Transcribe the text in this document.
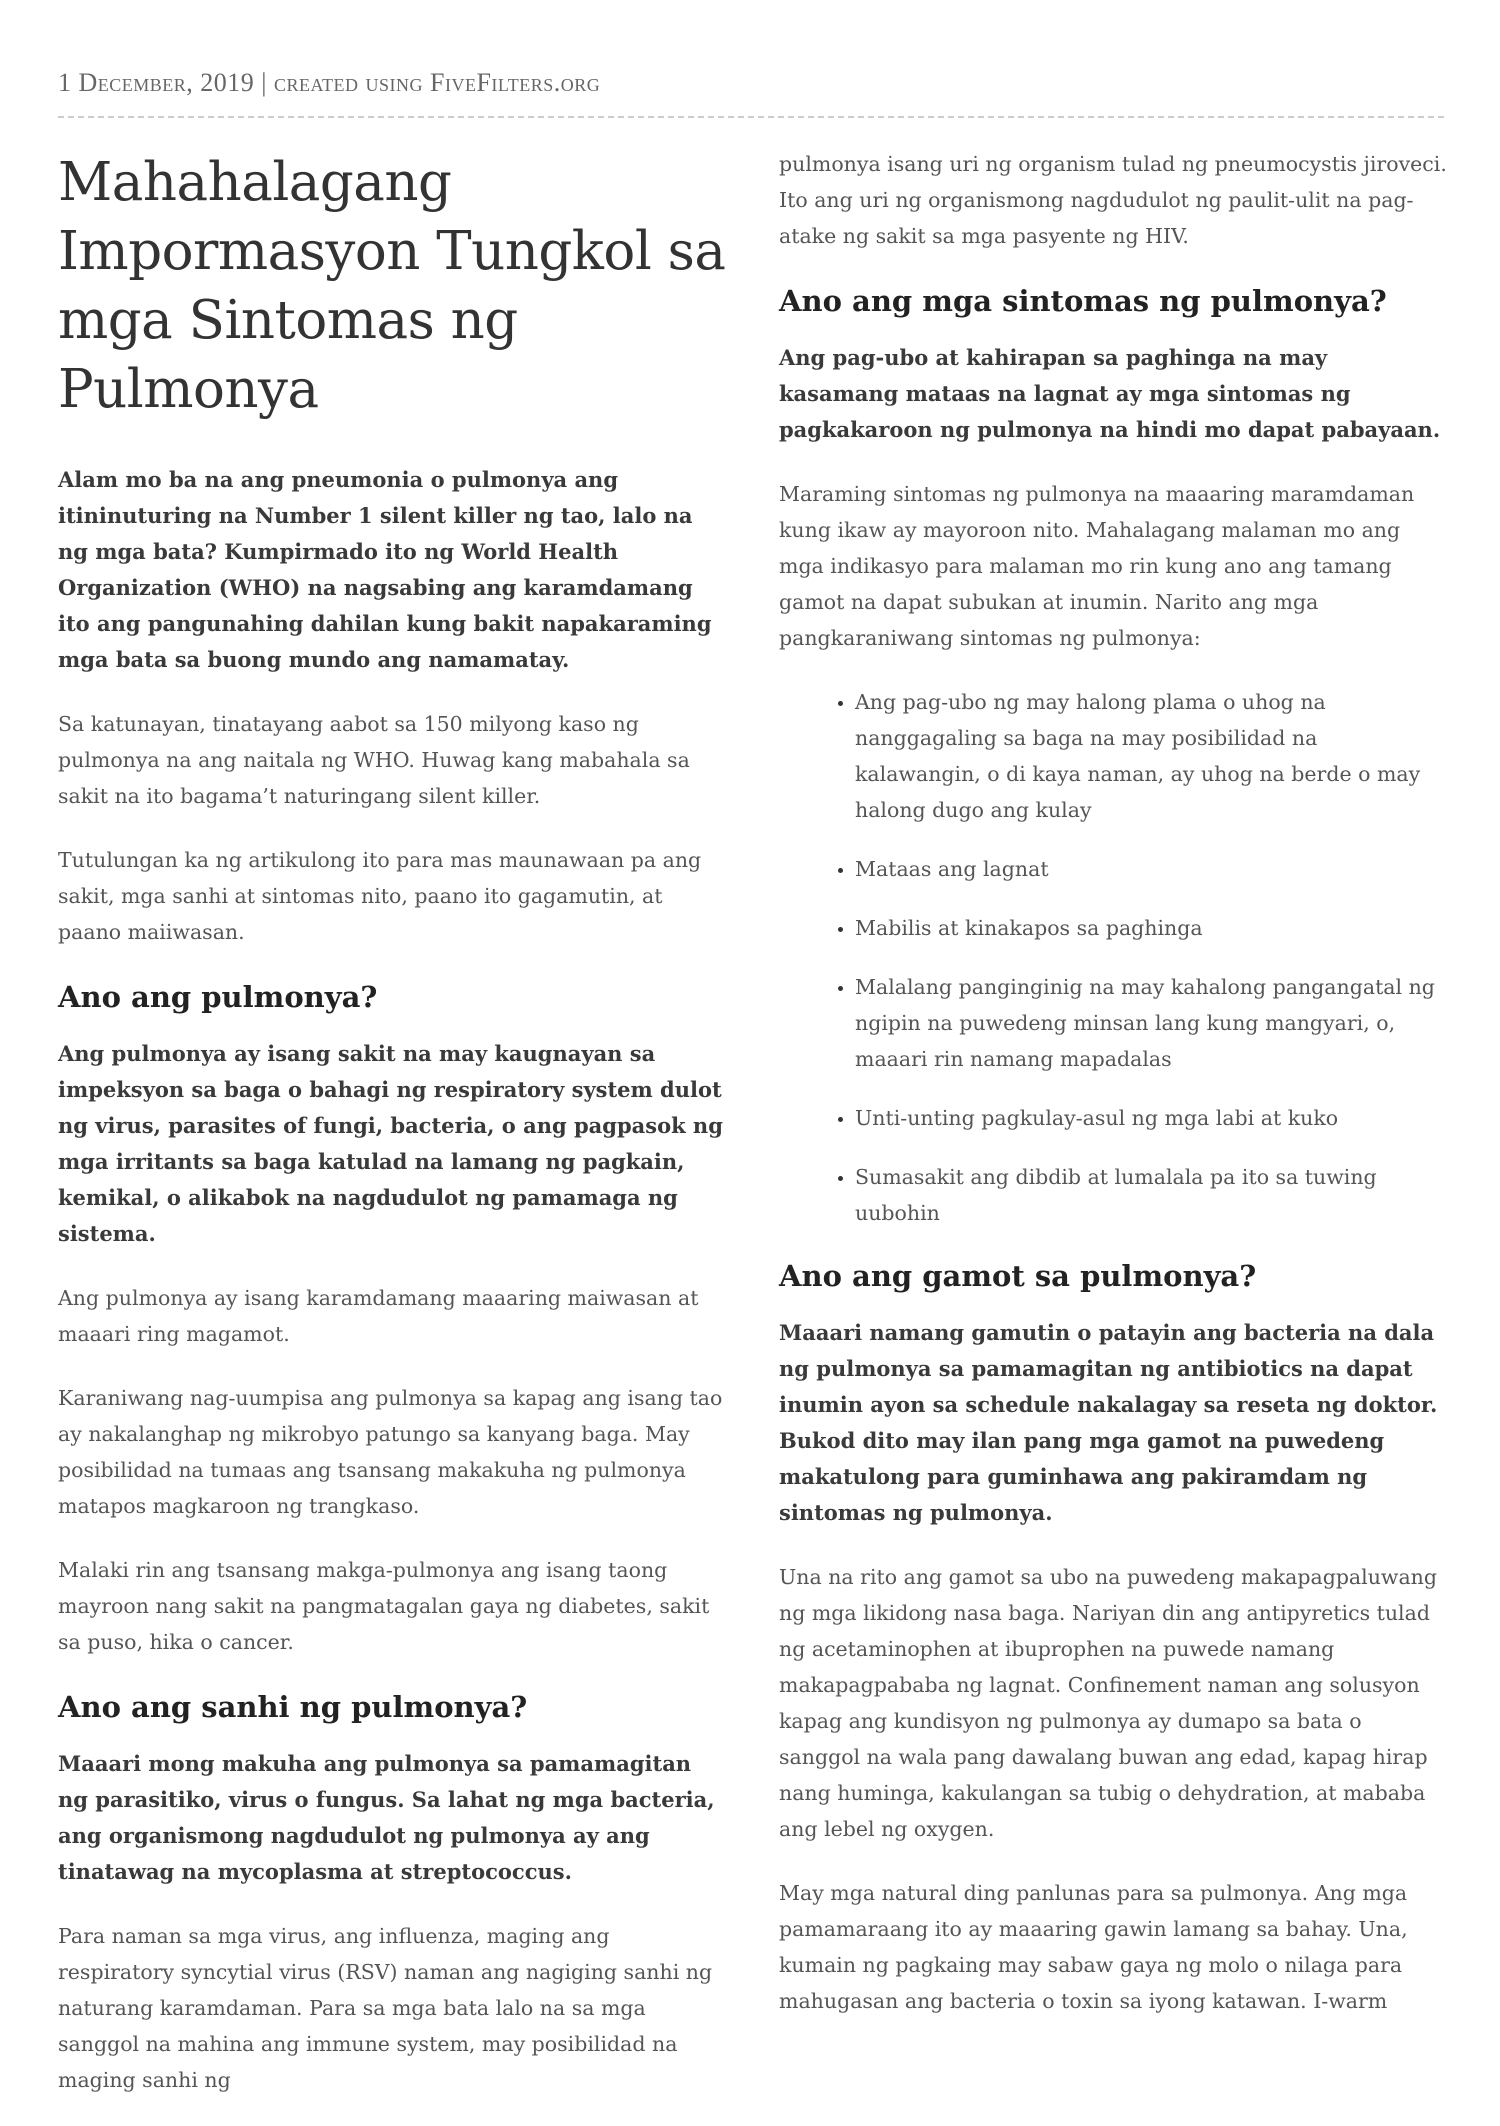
1 December, 2019 | created using FiveFilters.org
Mahahalagang Impormasyon Tungkol sa mga Sintomas ng Pulmonya

Alam mo ba na ang pneumonia o pulmonya ang itininuturing na Number 1 silent killer ng tao, lalo na ng mga bata? Kumpirmado ito ng World Health Organization (WHO) na nagsabing ang karamdamang ito ang pangunahing dahilan kung bakit napakaraming mga bata sa buong mundo ang namamatay.

Sa katunayan, tinatayang aabot sa 150 milyong kaso ng pulmonya na ang naitala ng WHO. Huwag kang mabahala sa sakit na ito bagama’t naturingang silent killer.

Tutulungan ka ng artikulong ito para mas maunawaan pa ang sakit, mga sanhi at sintomas nito, paano ito gagamutin, at paano maiiwasan.

Ano ang pulmonya?

Ang pulmonya ay isang sakit na may kaugnayan sa impeksyon sa baga o bahagi ng respiratory system dulot ng virus, parasites of fungi, bacteria, o ang pagpasok ng mga irritants sa baga katulad na lamang ng pagkain, kemikal, o alikabok na nagdudulot ng pamamaga ng sistema.

Ang pulmonya ay isang karamdamang maaaring maiwasan at maaari ring magamot.

Karaniwang nag-uumpisa ang pulmonya sa kapag ang isang tao ay nakalanghap ng mikrobyo patungo sa kanyang baga. May posibilidad na tumaas ang tsansang makakuha ng pulmonya matapos magkaroon ng trangkaso.

Malaki rin ang tsansang makga-pulmonya ang isang taong mayroon nang sakit na pangmatagalan gaya ng diabetes, sakit sa puso, hika o cancer.

Ano ang sanhi ng pulmonya?

Maaari mong makuha ang pulmonya sa pamamagitan ng parasitiko, virus o fungus. Sa lahat ng mga bacteria, ang organismong nagdudulot ng pulmonya ay ang tinatawag na mycoplasma at streptococcus.

Para naman sa mga virus, ang influenza, maging ang respiratory syncytial virus (RSV) naman ang nagiging sanhi ng naturang karamdaman. Para sa mga bata lalo na sa mga sanggol na mahina ang immune system, may posibilidad na maging sanhi ng

pulmonya isang uri ng organism tulad ng pneumocystis jiroveci. Ito ang uri ng organismong nagdudulot ng paulit-ulit na pag-atake ng sakit sa mga pasyente ng HIV.

Ano ang mga sintomas ng pulmonya?

Ang pag-ubo at kahirapan sa paghinga na may kasamang mataas na lagnat ay mga sintomas ng pagkakaroon ng pulmonya na hindi mo dapat pabayaan.

Maraming sintomas ng pulmonya na maaaring maramdaman kung ikaw ay mayoroon nito. Mahalagang malaman mo ang mga indikasyo para malaman mo rin kung ano ang tamang gamot na dapat subukan at inumin. Narito ang mga pangkaraniwang sintomas ng pulmonya:

• Ang pag-ubo ng may halong plama o uhog na nanggagaling sa baga na may posibilidad na kalawangin, o di kaya naman, ay uhog na berde o may halong dugo ang kulay
• Mataas ang lagnat
• Mabilis at kinakapos sa paghinga
• Malalang panginginig na may kahalong pangangatal ng ngipin na puwedeng minsan lang kung mangyari, o, maaari rin namang mapadalas
• Unti-unting pagkulay-asul ng mga labi at kuko
• Sumasakit ang dibdib at lumalala pa ito sa tuwing uubohin
Ano ang gamot sa pulmonya?

Maaari namang gamutin o patayin ang bacteria na dala ng pulmonya sa pamamagitan ng antibiotics na dapat inumin ayon sa schedule nakalagay sa reseta ng doktor. Bukod dito may ilan pang mga gamot na puwedeng makatulong para guminhawa ang pakiramdam ng sintomas ng pulmonya.

Una na rito ang gamot sa ubo na puwedeng makapagpaluwang ng mga likidong nasa baga. Nariyan din ang antipyretics tulad ng acetaminophen at ibuprophen na puwede namang makapagpababa ng lagnat. Confinement naman ang solusyon kapag ang kundisyon ng pulmonya ay dumapo sa bata o sanggol na wala pang dawalang buwan ang edad, kapag hirap nang huminga, kakulangan sa tubig o dehydration, at mababa ang lebel ng oxygen.

May mga natural ding panlunas para sa pulmonya. Ang mga pamamaraang ito ay maaaring gawin lamang sa bahay. Una, kumain ng pagkaing may sabaw gaya ng molo o nilaga para mahugasan ang bacteria o toxin sa iyong katawan. I-warm
